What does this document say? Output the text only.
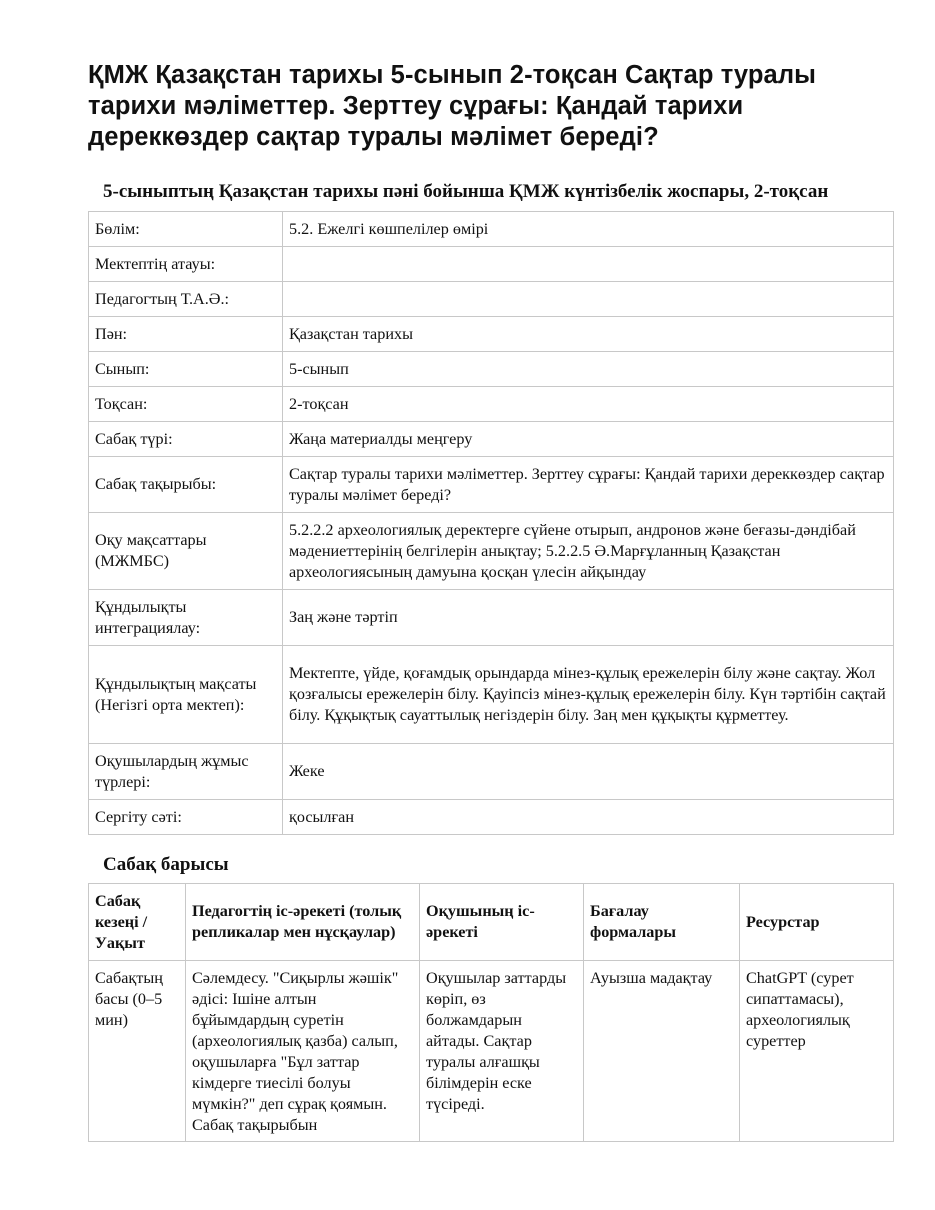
ҚМЖ Қазақстан тарихы 5-сынып 2-тоқсан Сақтар туралы тарихи мәліметтер. Зерттеу сұрағы: Қандай тарихи дереккөздер сақтар туралы мәлімет береді?
5-сыныптың Қазақстан тарихы пәні бойынша ҚМЖ күнтізбелік жоспары, 2-тоқсан
Бөлім:	5.2. Ежелгі көшпелілер өмірі
Мектептің атауы:	
Педагогтың Т.А.Ә.:	
Пән:	Қазақстан тарихы
Сынып:	5-сынып
Тоқсан:	2-тоқсан
Сабақ түрі:	Жаңа материалды меңгеру
Сабақ тақырыбы:	Сақтар туралы тарихи мәліметтер. Зерттеу сұрағы: Қандай тарихи дереккөздер сақтар туралы мәлімет береді?
Оқу мақсаттары (МЖМБС)	5.2.2.2 археологиялық деректерге сүйене отырып, андронов және беғазы-дәндібай мәдениеттерінің белгілерін анықтау; 5.2.2.5 Ә.Марғұланның Қазақстан археологиясының дамуына қосқан үлесін айқындау
Құндылықты интеграциялау:	Заң және тәртіп
Құндылықтың мақсаты (Негізгі орта мектеп):	Мектепте, үйде, қоғамдық орындарда мінез-құлық ережелерін білу және сақтау. Жол қозғалысы ережелерін білу. Қауіпсіз мінез-құлық ережелерін білу. Күн тәртібін сақтай білу. Құқықтық сауаттылық негіздерін білу. Заң мен құқықты құрметтеу.
Оқушылардың жұмыс түрлері:	Жеке
Сергіту сәті:	қосылған
Сабақ барысы
Сабақ кезеңі / Уақыт	Педагогтің іс-әрекеті (толық репликалар мен нұсқаулар)	Оқушының іс-әрекеті	Бағалау формалары	Ресурстар
Сабақтың басы (0–5 мин)	Сәлемдесу. "Сиқырлы жәшік" әдісі: Ішіне алтын бұйымдардың суретін (археологиялық қазба) салып, оқушыларға "Бұл заттар кімдерге тиесілі болуы мүмкін?" деп сұрақ қоямын. Сабақ тақырыбын	Оқушылар заттарды көріп, өз болжамдарын айтады. Сақтар туралы алғашқы білімдерін еске түсіреді.	Ауызша мадақтау	ChatGPT (сурет сипаттамасы), археологиялық суреттер
